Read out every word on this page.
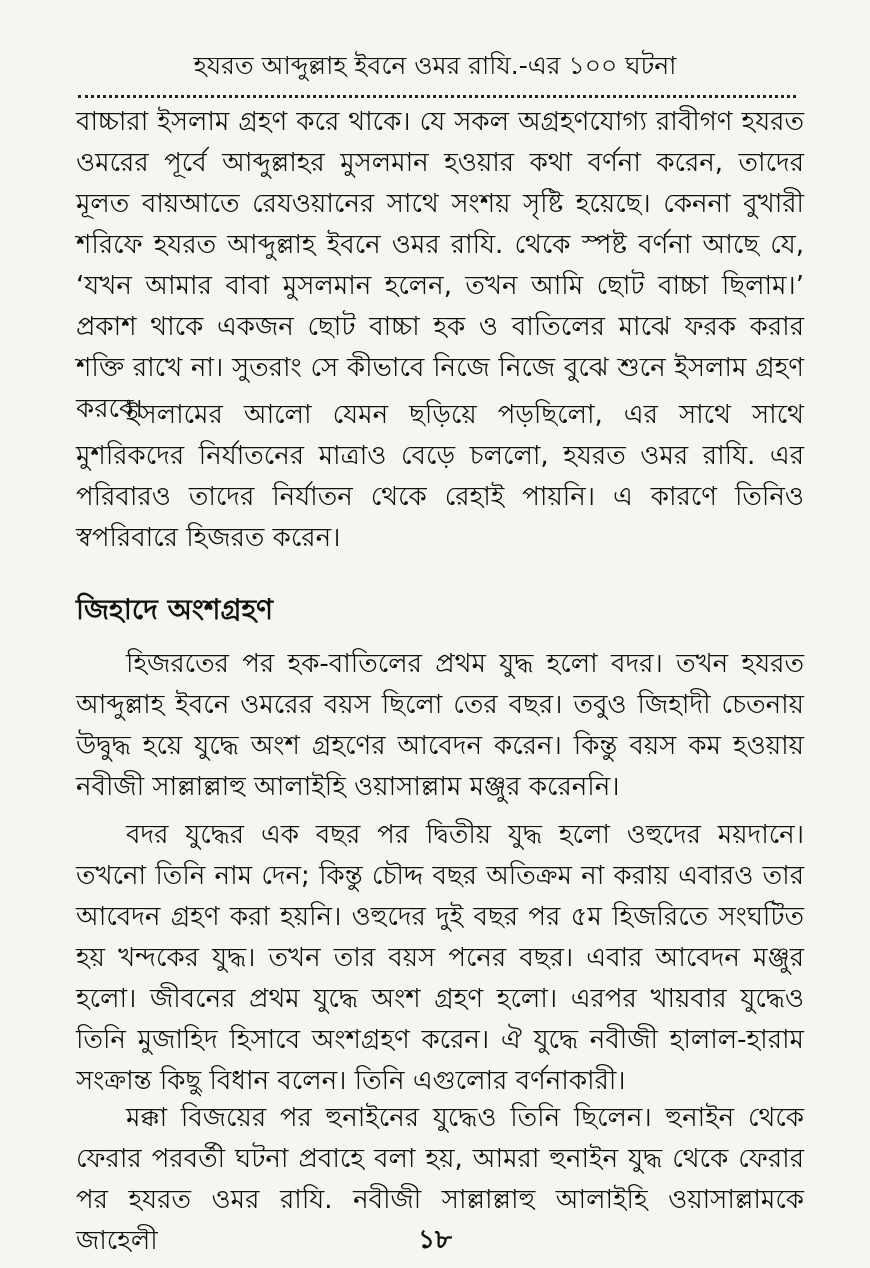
হযরত আব্দুল্লাহ ইবনে ওমর রাযি.-এর ১০০ ঘটনা

বাচ্চারা ইসলাম গ্রহণ করে থাকে। যে সকল অগ্রহণযোগ্য রাবীগণ হযরত ওমরের পূর্বে আব্দুল্লাহর মুসলমান হওয়ার কথা বর্ণনা করেন, তাদের মূলত বায়আতে রেযওয়ানের সাথে সংশয় সৃষ্টি হয়েছে। কেননা বুখারী শরিফে হযরত আব্দুল্লাহ ইবনে ওমর রাযি. থেকে স্পষ্ট বর্ণনা আছে যে, ‘যখন আমার বাবা মুসলমান হলেন, তখন আমি ছোট বাচ্চা ছিলাম।’ প্রকাশ থাকে একজন ছোট বাচ্চা হক ও বাতিলের মাঝে ফরক করার শক্তি রাখে না। সুতরাং সে কীভাবে নিজে নিজে বুঝে শুনে ইসলাম গ্রহণ করবে।

ইসলামের আলো যেমন ছড়িয়ে পড়ছিলো, এর সাথে সাথে মুশরিকদের নির্যাতনের মাত্রাও বেড়ে চললো, হযরত ওমর রাযি. এর পরিবারও তাদের নির্যাতন থেকে রেহাই পায়নি। এ কারণে তিনিও স্বপরিবারে হিজরত করেন।

জিহাদে অংশগ্রহণ

হিজরতের পর হক-বাতিলের প্রথম যুদ্ধ হলো বদর। তখন হযরত আব্দুল্লাহ ইবনে ওমরের বয়স ছিলো তের বছর। তবুও জিহাদী চেতনায় উদ্বুদ্ধ হয়ে যুদ্ধে অংশ গ্রহণের আবেদন করেন। কিন্তু বয়স কম হওয়ায় নবীজী সাল্লাল্লাহু আলাইহি ওয়াসাল্লাম মঞ্জুর করেননি।

বদর যুদ্ধের এক বছর পর দ্বিতীয় যুদ্ধ হলো ওহুদের ময়দানে। তখনো তিনি নাম দেন; কিন্তু চৌদ্দ বছর অতিক্রম না করায় এবারও তার আবেদন গ্রহণ করা হয়নি। ওহুদের দুই বছর পর ৫ম হিজরিতে সংঘটিত হয় খন্দকের যুদ্ধ। তখন তার বয়স পনের বছর। এবার আবেদন মঞ্জুর হলো। জীবনের প্রথম যুদ্ধে অংশ গ্রহণ হলো। এরপর খায়বার যুদ্ধেও তিনি মুজাহিদ হিসাবে অংশগ্রহণ করেন। ঐ যুদ্ধে নবীজী হালাল-হারাম সংক্রান্ত কিছু বিধান বলেন। তিনি এগুলোর বর্ণনাকারী।

মক্কা বিজয়ের পর হুনাইনের যুদ্ধেও তিনি ছিলেন। হুনাইন থেকে ফেরার পরবর্তী ঘটনা প্রবাহে বলা হয়, আমরা হুনাইন যুদ্ধ থেকে ফেরার পর হযরত ওমর রাযি. নবীজী সাল্লাল্লাহু আলাইহি ওয়াসাল্লামকে জাহেলী	১৮
